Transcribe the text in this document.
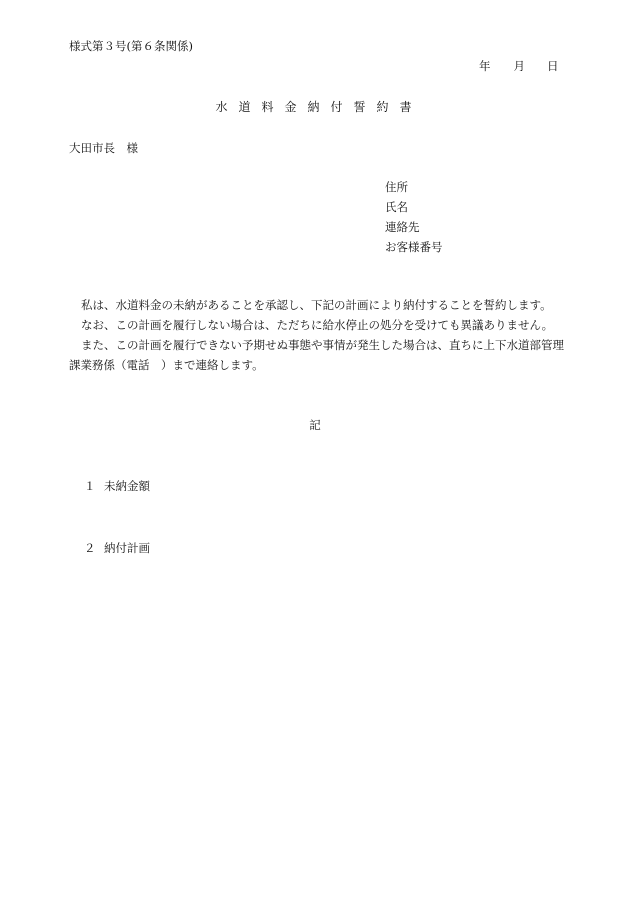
様式第３号(第６条関係)
年 月 日
水道料金納付誓約書
大田市長　様
住所
氏名
連絡先
お客様番号

私は、水道料金の未納があることを承認し、下記の計画により納付することを誓約します。

なお、この計画を履行しない場合は、ただちに給水停止の処分を受けても異議ありません。

また、この計画を履行できない予期せぬ事態や事情が発生した場合は、直ちに上下水道部管理課業務係（電話　）まで連絡します。

記
１ 未納金額
２ 納付計画
